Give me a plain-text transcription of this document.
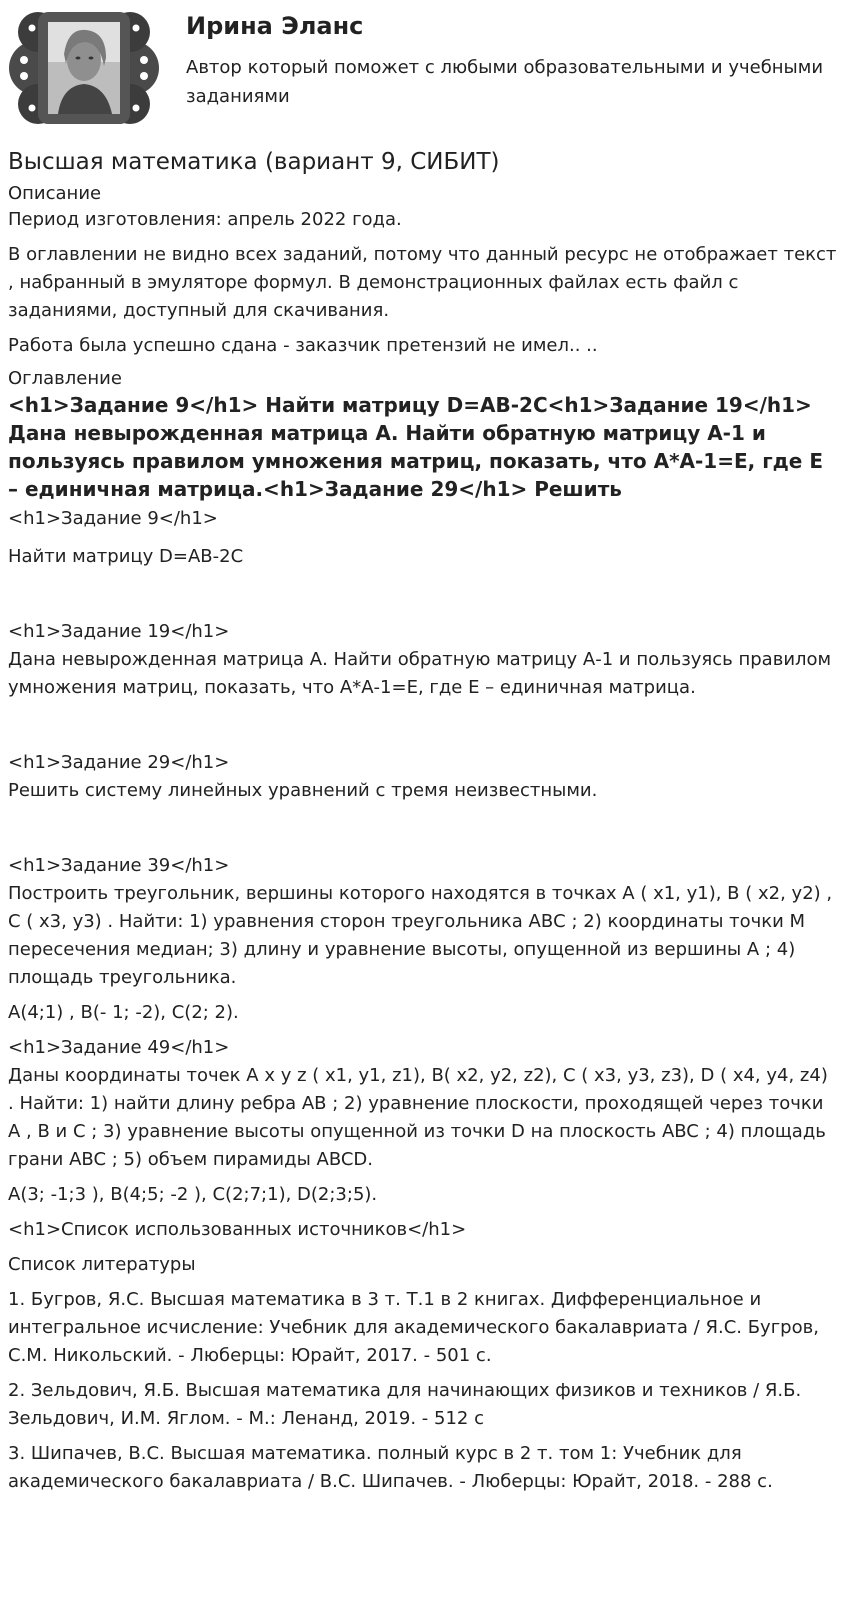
Ирина Эланс

Автор который поможет с любыми образовательными и учебными заданиями

Высшая математика (вариант 9, СИБИТ)

Описание

Период изготовления: апрель 2022 года.

В оглавлении не видно всех заданий, потому что данный ресурс не отображает текст , набранный в эмуляторе формул. В демонстрационных файлах есть файл с заданиями, доступный для скачивания.

Работа была успешно сдана - заказчик претензий не имел.. ..

Оглавление

<h1>Задание 9</h1> Найти матрицу D=AB-2C<h1>Задание 19</h1> Дана невырожденная матрица А. Найти обратную матрицу А-1 и пользуясь правилом умножения матриц, показать, что А*А-1=Е, где Е – единичная матрица.<h1>Задание 29</h1> Решить

<h1>Задание 9</h1>

Найти матрицу D=AB-2C

<h1>Задание 19</h1>

Дана невырожденная матрица А. Найти обратную матрицу А-1 и пользуясь правилом умножения матриц, показать, что А*А-1=Е, где Е – единичная матрица.

<h1>Задание 29</h1>

Решить систему линейных уравнений с тремя неизвестными.

<h1>Задание 39</h1>

Построить треугольник, вершины которого находятся в точках А ( x1, y1), B ( x2, y2) , C ( x3, y3) . Найти: 1) уравнения сторон треугольника АВС ; 2) координаты точки М пересечения медиан; 3) длину и уравнение высоты, опущенной из вершины А ; 4) площадь треугольника.

А(4;1) , В(- 1; -2), С(2; 2).

<h1>Задание 49</h1>

Даны координаты точек A x y z ( x1, y1, z1), B( x2, y2, z2), C ( x3, y3, z3), D ( x4, y4, z4) . Найти: 1) найти длину ребра AB ; 2) уравнение плоскости, проходящей через точки A , B и C ; 3) уравнение высоты опущенной из точки D на плоскость ABC ; 4) площадь грани ABC ; 5) объем пирамиды ABCD.

А(3; -1;3 ), В(4;5; -2 ), С(2;7;1), D(2;3;5).

<h1>Список использованных источников</h1>

Список литературы

1. Бугров, Я.С. Высшая математика в 3 т. Т.1 в 2 книгах. Дифференциальное и интегральное исчисление: Учебник для академического бакалавриата / Я.С. Бугров, С.М. Никольский. - Люберцы: Юрайт, 2017. - 501 c.

2. Зельдович, Я.Б. Высшая математика для начинающих физиков и техников / Я.Б. Зельдович, И.М. Яглом. - М.: Ленанд, 2019. - 512 c

3. Шипачев, В.С. Высшая математика. полный курс в 2 т. том 1: Учебник для академического бакалавриата / В.С. Шипачев. - Люберцы: Юрайт, 2018. - 288 c.
